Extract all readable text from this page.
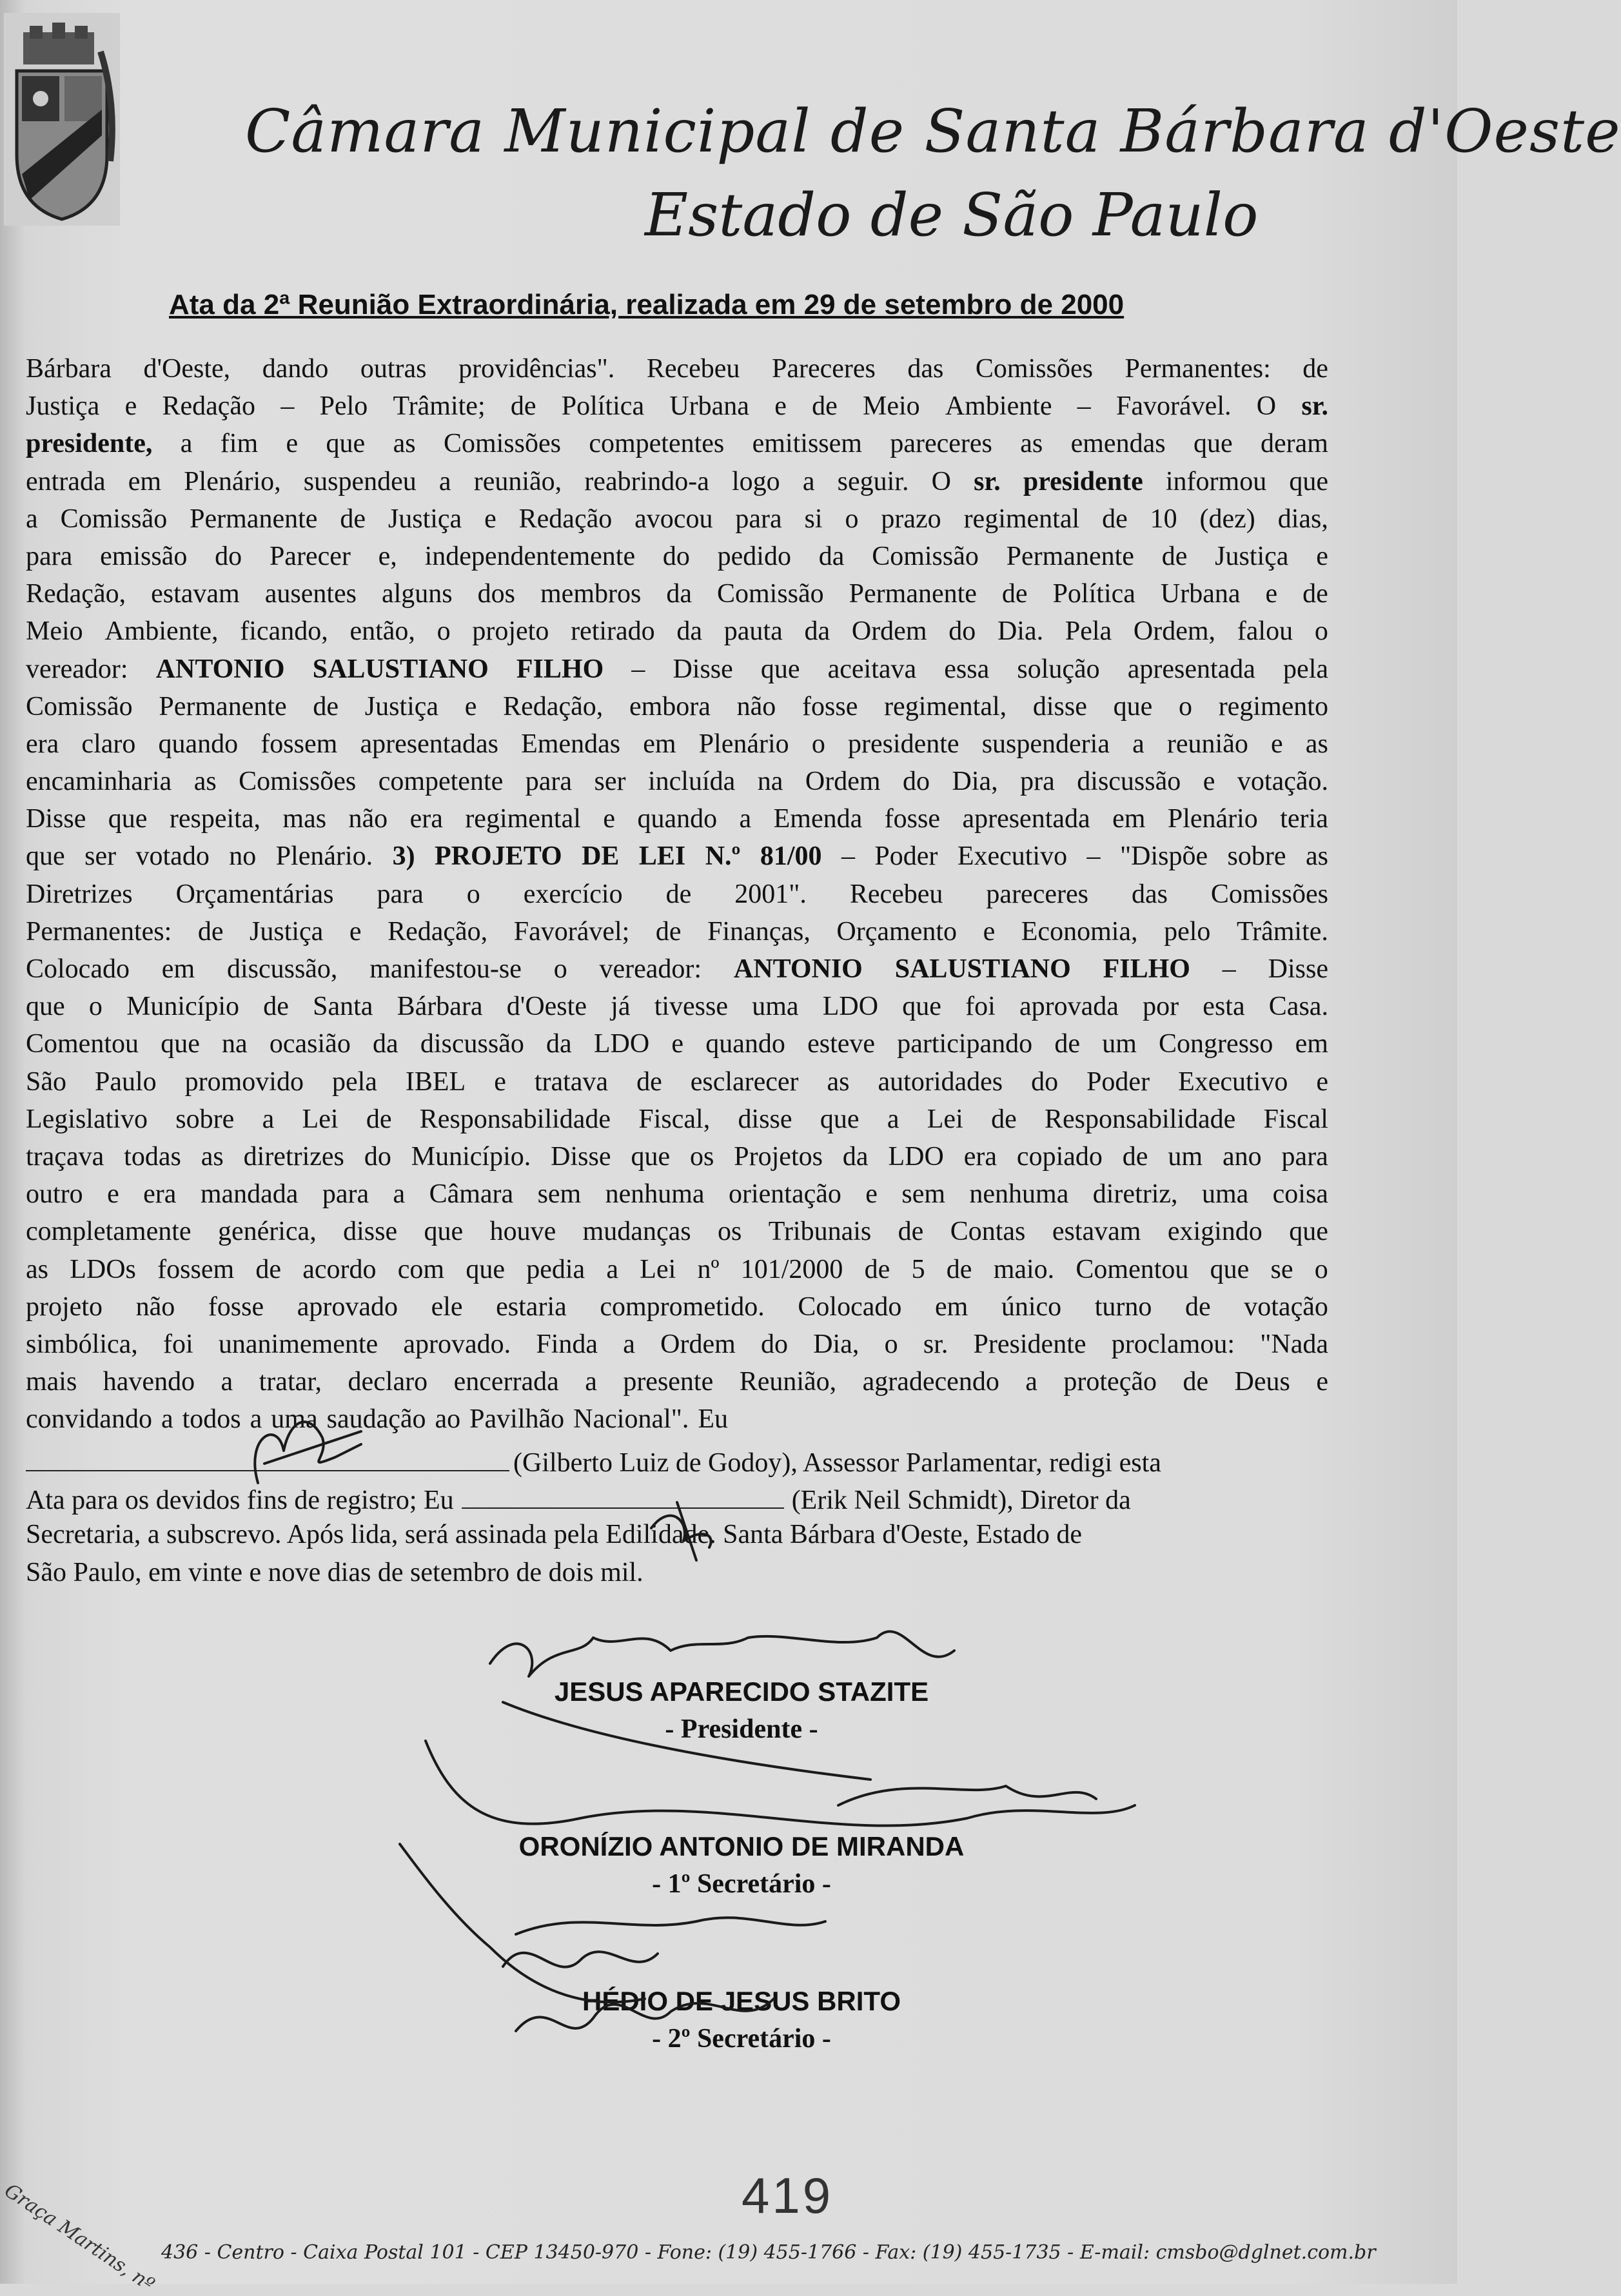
Câmara Municipal de Santa Bárbara d'Oeste
Estado de São Paulo
Ata da 2ª Reunião Extraordinária, realizada em 29 de setembro de 2000
Bárbara d'Oeste, dando outras providências". Recebeu Pareceres das Comissões Permanentes: de
Justiça e Redação – Pelo Trâmite; de Política Urbana e de Meio Ambiente – Favorável. O sr.
presidente, a fim e que as Comissões competentes emitissem pareceres as emendas que deram
entrada em Plenário, suspendeu a reunião, reabrindo-a logo a seguir. O sr. presidente informou que
a Comissão Permanente de Justiça e Redação avocou para si o prazo regimental de 10 (dez) dias,
para emissão do Parecer e, independentemente do pedido da Comissão Permanente de Justiça e
Redação, estavam ausentes alguns dos membros da Comissão Permanente de Política Urbana e de
Meio Ambiente, ficando, então, o projeto retirado da pauta da Ordem do Dia. Pela Ordem, falou o
vereador: ANTONIO SALUSTIANO FILHO – Disse que aceitava essa solução apresentada pela
Comissão Permanente de Justiça e Redação, embora não fosse regimental, disse que o regimento
era claro quando fossem apresentadas Emendas em Plenário o presidente suspenderia a reunião e as
encaminharia as Comissões competente para ser incluída na Ordem do Dia, pra discussão e votação.
Disse que respeita, mas não era regimental e quando a Emenda fosse apresentada em Plenário teria
que ser votado no Plenário. 3) PROJETO DE LEI N.º 81/00 – Poder Executivo – "Dispõe sobre as
Diretrizes Orçamentárias para o exercício de 2001". Recebeu pareceres das Comissões
Permanentes: de Justiça e Redação, Favorável; de Finanças, Orçamento e Economia, pelo Trâmite.
Colocado em discussão, manifestou-se o vereador: ANTONIO SALUSTIANO FILHO – Disse
que o Município de Santa Bárbara d'Oeste já tivesse uma LDO que foi aprovada por esta Casa.
Comentou que na ocasião da discussão da LDO e quando esteve participando de um Congresso em
São Paulo promovido pela IBEL e tratava de esclarecer as autoridades do Poder Executivo e
Legislativo sobre a Lei de Responsabilidade Fiscal, disse que a Lei de Responsabilidade Fiscal
traçava todas as diretrizes do Município. Disse que os Projetos da LDO era copiado de um ano para
outro e era mandada para a Câmara sem nenhuma orientação e sem nenhuma diretriz, uma coisa
completamente genérica, disse que houve mudanças os Tribunais de Contas estavam exigindo que
as LDOs fossem de acordo com que pedia a Lei nº 101/2000 de 5 de maio. Comentou que se o
projeto não fosse aprovado ele estaria comprometido. Colocado em único turno de votação
simbólica, foi unanimemente aprovado. Finda a Ordem do Dia, o sr. Presidente proclamou: "Nada
mais havendo a tratar, declaro encerrada a presente Reunião, agradecendo a proteção de Deus e
convidando a todos a uma saudação ao Pavilhão Nacional". Eu
(Gilberto Luiz de Godoy), Assessor Parlamentar, redigi esta
Ata para os devidos fins de registro; Eu	(Erik Neil Schmidt), Diretor da
Secretaria, a subscrevo. Após lida, será assinada pela Edilidade. Santa Bárbara d'Oeste, Estado de
São Paulo, em vinte e nove dias de setembro de dois mil.
JESUS APARECIDO STAZITE
- Presidente -
ORONÍZIO ANTONIO DE MIRANDA
- 1º Secretário -
HÉDIO DE JESUS BRITO
- 2º Secretário -
419
Graça Martins, nº 436 - Centro - Caixa Postal 101 - CEP 13450-970 - Fone: (19) 455-1766 - Fax: (19) 455-1735 - E-mail: cmsbo@dglnet.com.br
